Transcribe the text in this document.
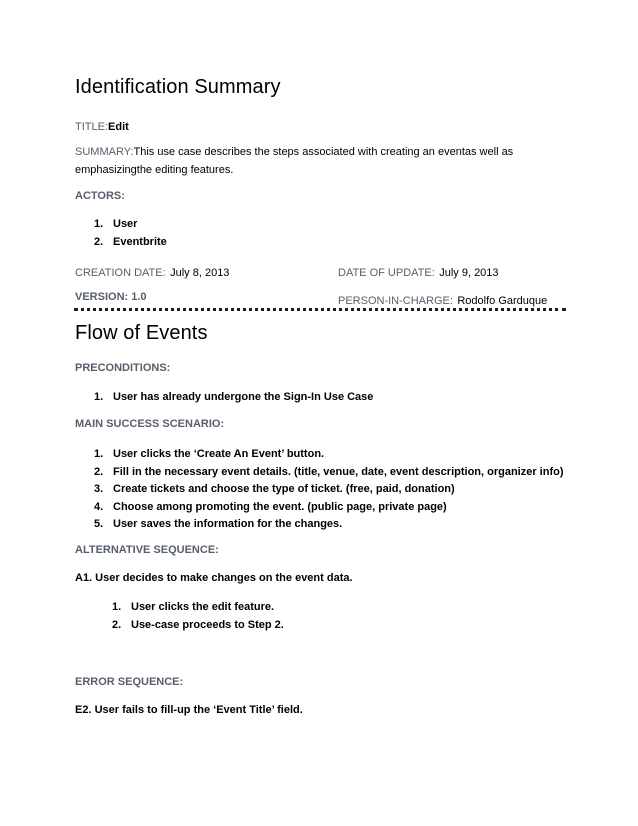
Identification Summary
TITLE:Edit
SUMMARY:This use case describes the steps associated with creating an eventas well as
emphasizingthe editing features.
ACTORS:
1. User
2. Eventbrite
CREATION DATE: July 8, 2013	DATE OF UPDATE: July 9, 2013
VERSION: 1.0	PERSON-IN-CHARGE: Rodolfo Garduque
Flow of Events
PRECONDITIONS:
1. User has already undergone the Sign-In Use Case
MAIN SUCCESS SCENARIO:
1. User clicks the ‘Create An Event’ button.
2. Fill in the necessary event details. (title, venue, date, event description, organizer info)
3. Create tickets and choose the type of ticket. (free, paid, donation)
4. Choose among promoting the event. (public page, private page)
5. User saves the information for the changes.
ALTERNATIVE SEQUENCE:
A1. User decides to make changes on the event data.
1. User clicks the edit feature.
2. Use-case proceeds to Step 2.
ERROR SEQUENCE:
E2. User fails to fill-up the ‘Event Title’ field.
